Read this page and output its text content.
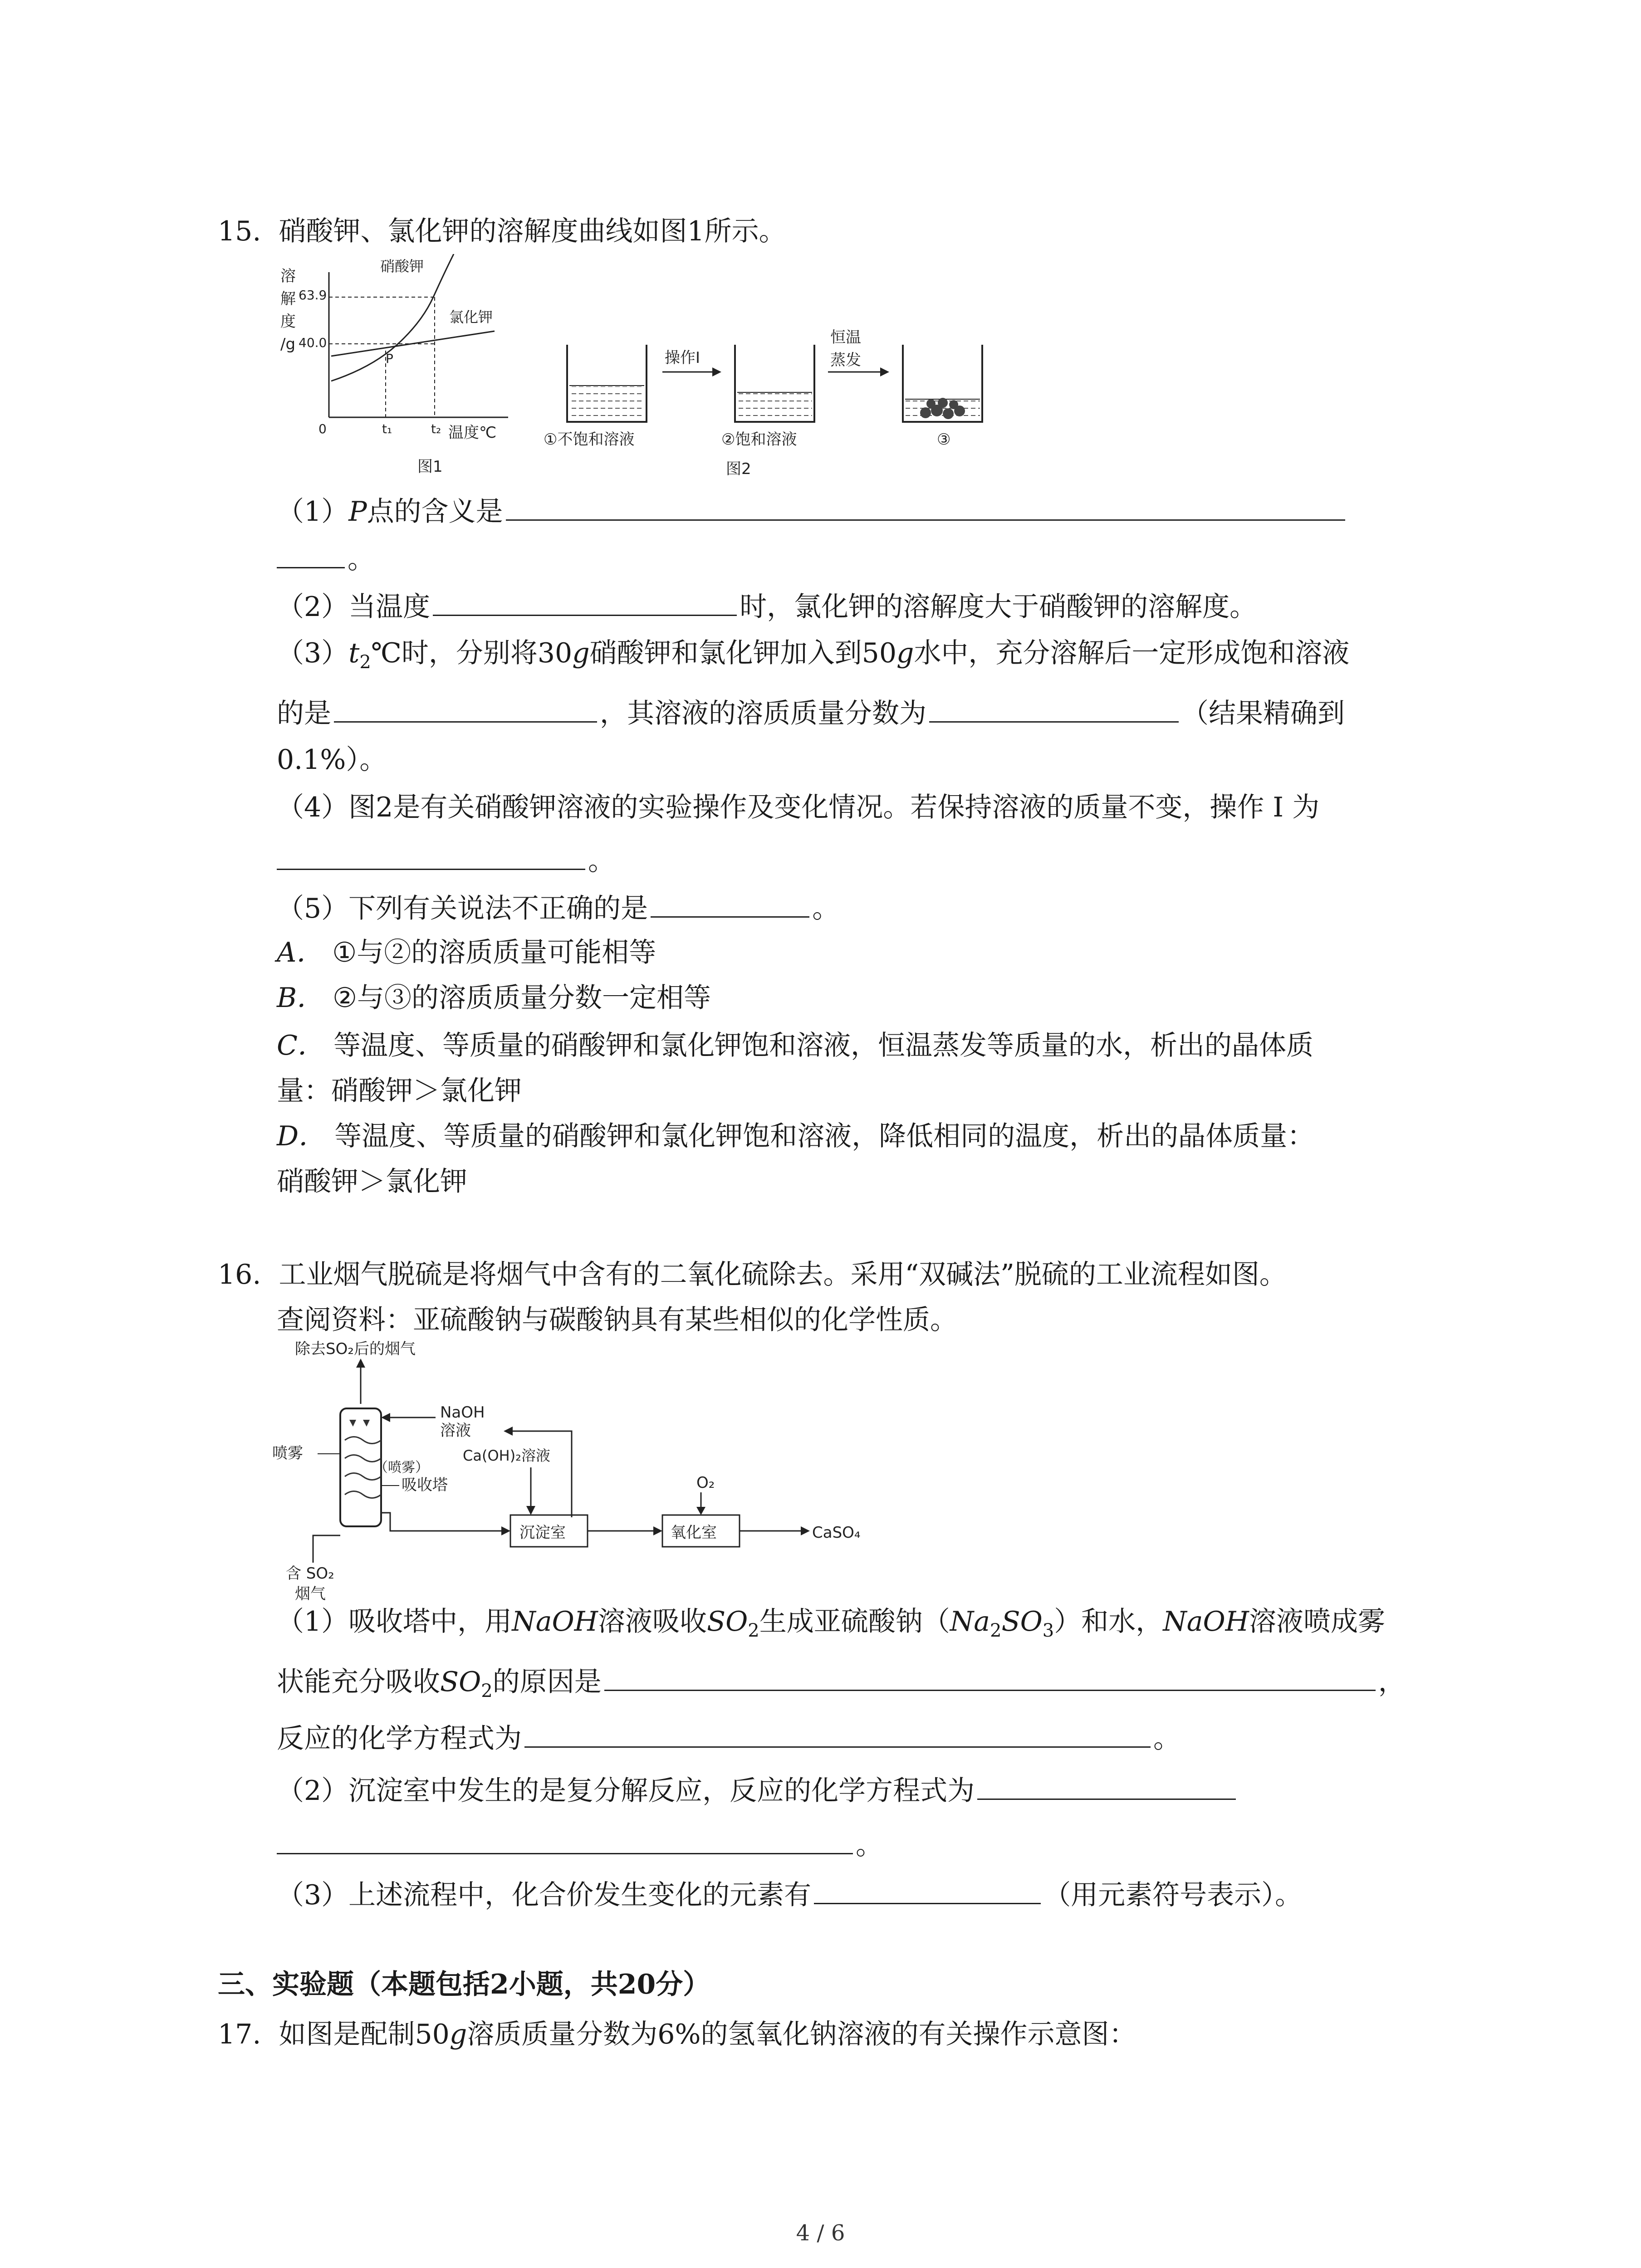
15. 硝酸钾、氯化钾的溶解度曲线如图1所示。
溶
解
度
/g
63.9
40.0
硝酸钾
氯化钾
P
0	t₁	t₂ 温度℃
图1
操作I
恒温
蒸发
①不饱和溶液	②饱和溶液	③
图2
（1）P点的含义是
。
（2）当温度	时，氯化钾的溶解度大于硝酸钾的溶解度。
$(3)t_2℃$时，分别将30g硝酸钾和氯化钾加入到50g水中，充分溶解后一定形成饱和溶液
的是	，其溶液的溶质质量分数为	（结果精确到
0.1%）。
（4）图2是有关硝酸钾溶液的实验操作及变化情况。若保持溶液的质量不变，操作 I 为
。
（5）下列有关说法不正确的是	。
A． ①与②的溶质质量可能相等
B． ②与③的溶质质量分数一定相等
C． 等温度、等质量的硝酸钾和氯化钾饱和溶液，恒温蒸发等质量的水，析出的晶体质
量：硝酸钾＞氯化钾
D． 等温度、等质量的硝酸钾和氯化钾饱和溶液，降低相同的温度，析出的晶体质量：
硝酸钾＞氯化钾
16. 工业烟气脱硫是将烟气中含有的二氧化硫除去。采用“双碱法”脱硫的工业流程如图。
查阅资料：亚硫酸钠与碳酸钠具有某些相似的化学性质。
除去SO₂后的烟气
喷雾
NaOH
溶液
（喷雾）
Ca(OH)₂溶液
吸收塔	O₂
沉淀室	氧化室	CaSO₄
含 SO₂
烟气
（1）吸收塔中，用NaOH溶液吸收$SO_2$生成亚硫酸钠$(Na_2SO_3)$和水，NaOH溶液喷成雾
状能充分吸收$SO_2$的原因是	，
反应的化学方程式为	。
（2）沉淀室中发生的是复分解反应，反应的化学方程式为
。
（3）上述流程中，化合价发生变化的元素有	（用元素符号表示）。
三、实验题（本题包括2小题，共20分）
17. 如图是配制50g溶质质量分数为6%的氢氧化钠溶液的有关操作示意图：
4 / 6
